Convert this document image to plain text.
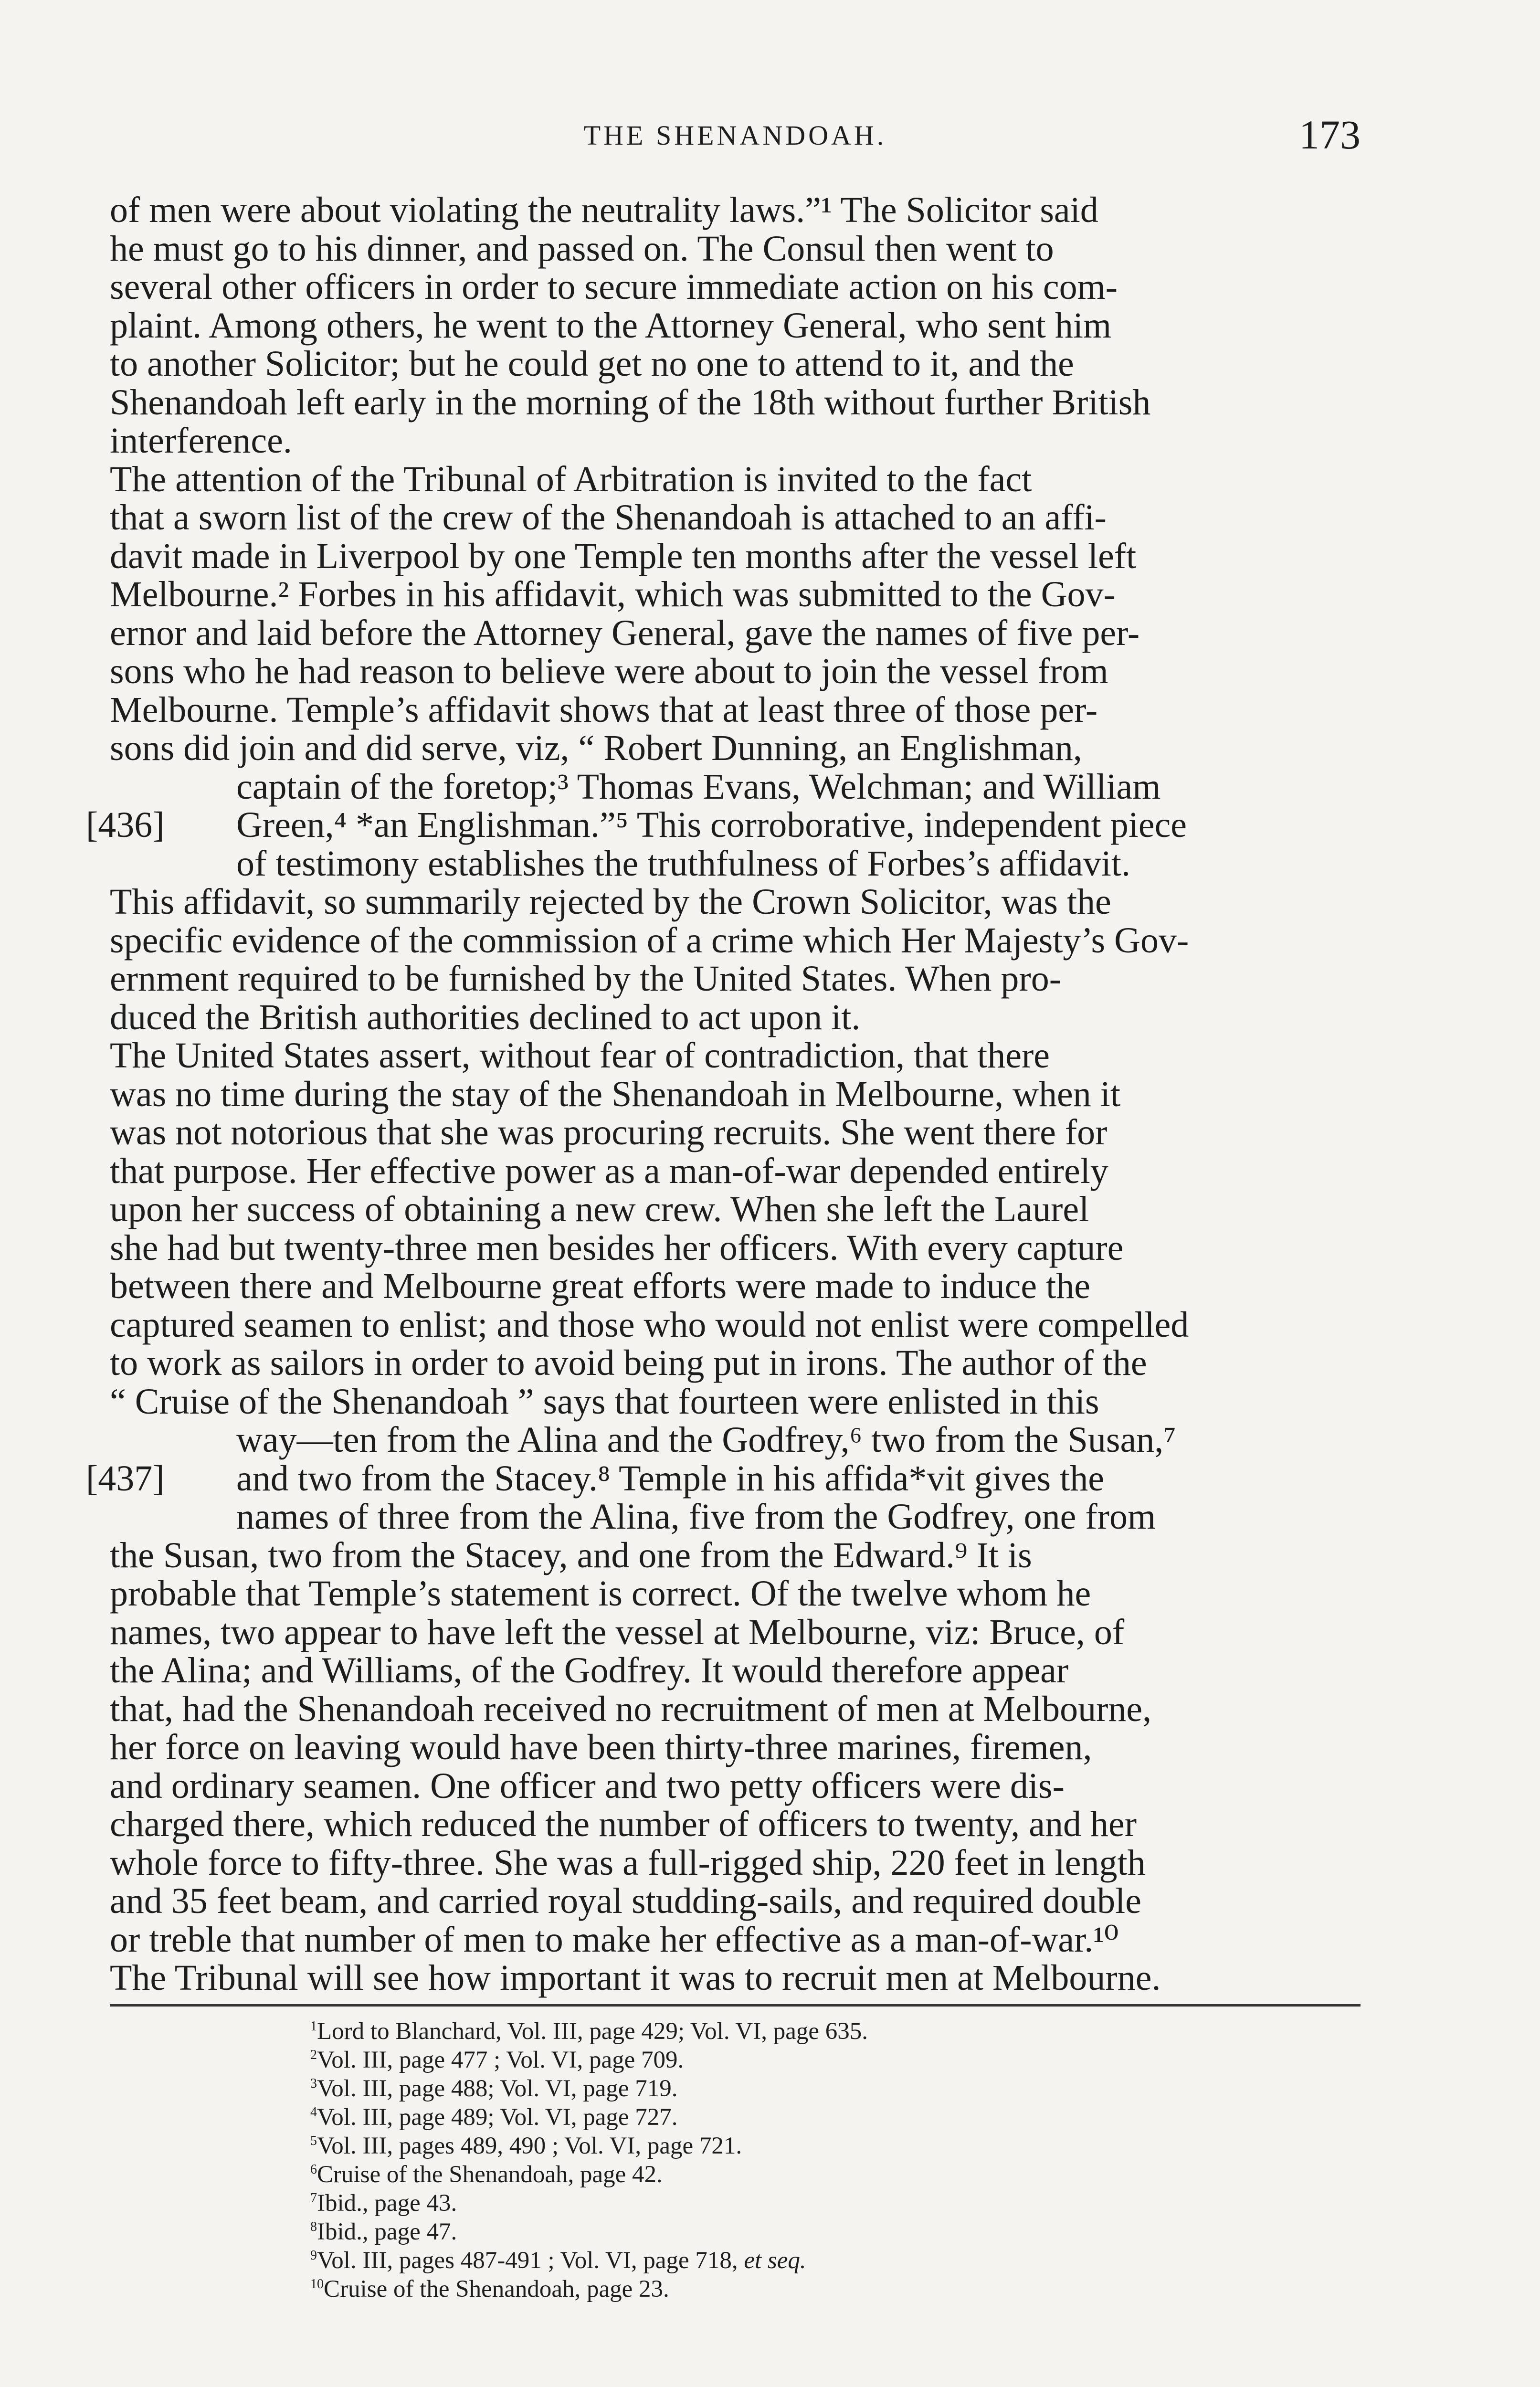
THE SHENANDOAH.	173

of men were about violating the neutrality laws.”¹ The Solicitor said
he must go to his dinner, and passed on. The Consul then went to
several other officers in order to secure immediate action on his com-
plaint. Among others, he went to the Attorney General, who sent him
to another Solicitor; but he could get no one to attend to it, and the
Shenandoah left early in the morning of the 18th without further British
interference.

The attention of the Tribunal of Arbitration is invited to the fact
that a sworn list of the crew of the Shenandoah is attached to an affi-
davit made in Liverpool by one Temple ten months after the vessel left
Melbourne.² Forbes in his affidavit, which was submitted to the Gov-
ernor and laid before the Attorney General, gave the names of five per-
sons who he had reason to believe were about to join the vessel from
Melbourne. Temple’s affidavit shows that at least three of those per-
sons did join and did serve, viz, “ Robert Dunning, an Englishman,
captain of the foretop;³ Thomas Evans, Welchman; and William
[436]	Green,⁴ *an Englishman.”⁵ This corroborative, independent piece
of testimony establishes the truthfulness of Forbes’s affidavit.
This affidavit, so summarily rejected by the Crown Solicitor, was the
specific evidence of the commission of a crime which Her Majesty’s Gov-
ernment required to be furnished by the United States. When pro-
duced the British authorities declined to act upon it.

The United States assert, without fear of contradiction, that there
was no time during the stay of the Shenandoah in Melbourne, when it
was not notorious that she was procuring recruits. She went there for
that purpose. Her effective power as a man-of-war depended entirely
upon her success of obtaining a new crew. When she left the Laurel
she had but twenty-three men besides her officers. With every capture
between there and Melbourne great efforts were made to induce the
captured seamen to enlist; and those who would not enlist were compelled
to work as sailors in order to avoid being put in irons. The author of the
“ Cruise of the Shenandoah ” says that fourteen were enlisted in this
way—ten from the Alina and the Godfrey,⁶ two from the Susan,⁷
[437]	and two from the Stacey.⁸ Temple in his affida*vit gives the
names of three from the Alina, five from the Godfrey, one from
the Susan, two from the Stacey, and one from the Edward.⁹ It is
probable that Temple’s statement is correct. Of the twelve whom he
names, two appear to have left the vessel at Melbourne, viz: Bruce, of
the Alina; and Williams, of the Godfrey. It would therefore appear
that, had the Shenandoah received no recruitment of men at Melbourne,
her force on leaving would have been thirty-three marines, firemen,
and ordinary seamen. One officer and two petty officers were dis-
charged there, which reduced the number of officers to twenty, and her
whole force to fifty-three. She was a full-rigged ship, 220 feet in length
and 35 feet beam, and carried royal studding-sails, and required double
or treble that number of men to make her effective as a man-of-war.¹⁰
The Tribunal will see how important it was to recruit men at Melbourne.

$^1$Lord to Blanchard, Vol. III, page 429; Vol. VI, page 635.
$^2$Vol. III, page 477 ; Vol. VI, page 709.
$^3$Vol. III, page 488; Vol. VI, page 719.
$^4$Vol. III, page 489; Vol. VI, page 727.
$^5$Vol. III, pages 489, 490 ; Vol. VI, page 721.
$^6$Cruise of the Shenandoah, page 42.
$^7$Ibid., page 43.
$^8$Ibid., page 47.
$^9$Vol. III, pages 487-491 ; Vol. VI, page 718, et seq.
$^{10}$Cruise of the Shenandoah, page 23.
